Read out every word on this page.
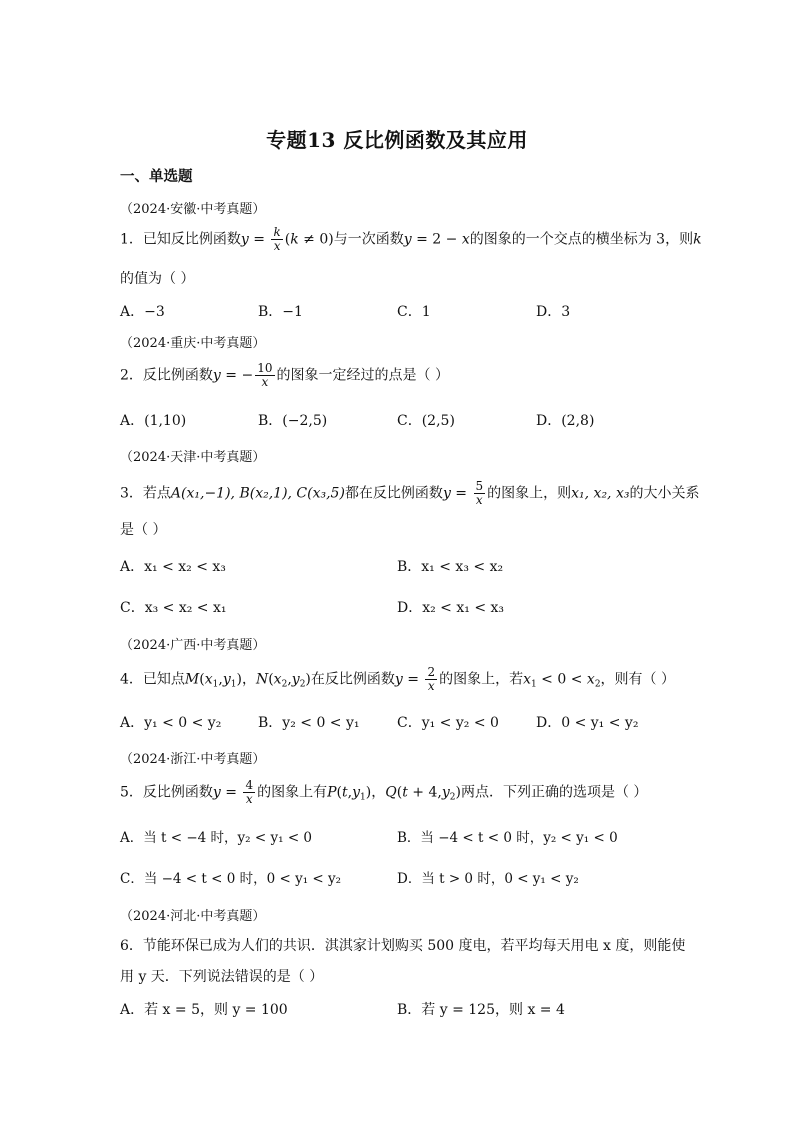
专题13 反比例函数及其应用
一、单选题
（2024·安徽·中考真题）
1．已知反比例函数$y = \frac{k}{x} (k \ne 0)$与一次函数y = 2 − x的图象的一个交点的横坐标为 3，则k
的值为（ ）
A．−3	B．−1	C．1	D．3
（2024·重庆·中考真题）
2．反比例函数y = − $\frac{10}{x}$ 的图象一定经过的点是（ ）
A．(1,10)	B．(−2,5)	C．(2,5)	D．(2,8)
（2024·天津·中考真题）
3．若点A(x₁,−1), B(x₂,1), C(x₃,5)都在反比例函数$y = \frac{5}{x}$ 的图象上，则x₁, x₂, x₃的大小关系
是（ ）
A．x₁ < x₂ < x₃	B．x₁ < x₃ < x₂
C．x₃ < x₂ < x₁	D．x₂ < x₁ < x₃
（2024·广西·中考真题）
4．已知点$M(x_1,y_1)$，$N(x_2,y_2)$在反比例函数$y = \frac{2}{x}$ 的图象上，若$x_1 < 0 < x_2$，则有（ ）
A．y₁ < 0 < y₂	B．y₂ < 0 < y₁	C．y₁ < y₂ < 0	D．0 < y₁ < y₂
（2024·浙江·中考真题）
5．反比例函数$y = \frac{4}{x}$ 的图象上有$P(t,y_1)$，$Q(t + 4,y_2)$两点．下列正确的选项是（ ）
A．当 t < −4 时，y₂ < y₁ < 0	B．当 −4 < t < 0 时，y₂ < y₁ < 0
C．当 −4 < t < 0 时，0 < y₁ < y₂	D．当 t > 0 时，0 < y₁ < y₂
（2024·河北·中考真题）
6．节能环保已成为人们的共识．淇淇家计划购买 500 度电，若平均每天用电 x 度，则能使
用 y 天．下列说法错误的是（ ）
A．若 x = 5，则 y = 100	B．若 y = 125，则 x = 4
